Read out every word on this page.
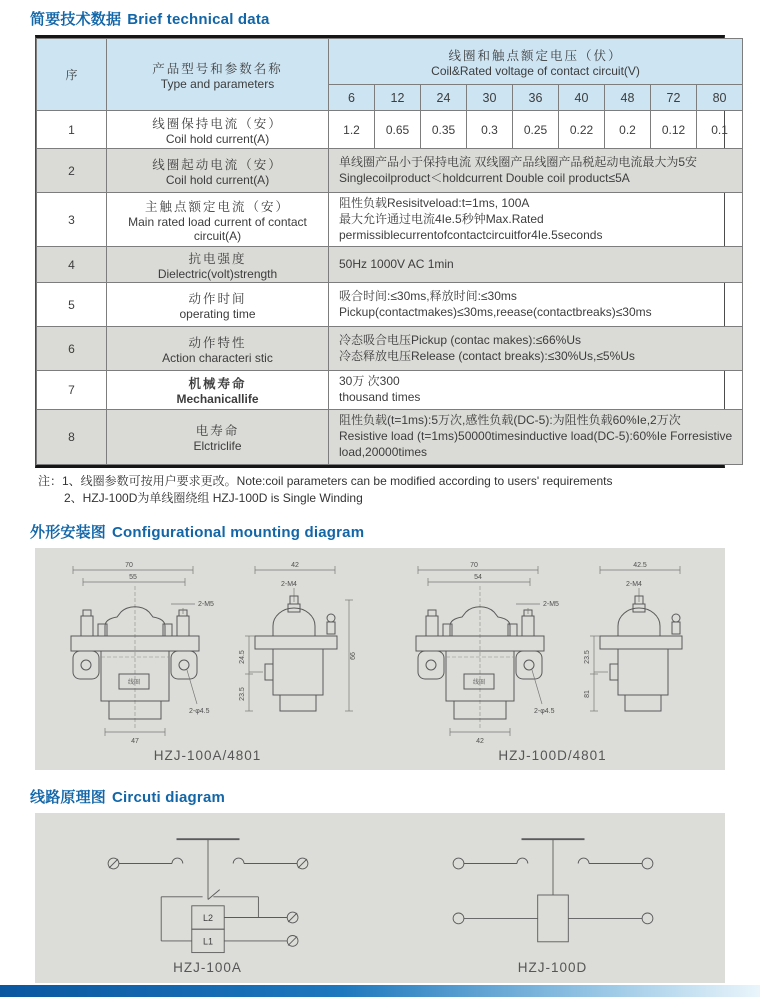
简要技术数据 Brief technical data
序	产品型号和参数名称
Type and parameters	线圈和触点额定电压（伏）
Coil&Rated voltage of contact circuit(V)								

		6	12	24	30	36	40	48	72	80
1	线圈保持电流（安）
Coil hold current(A)	1.2	0.65	0.35	0.3	0.25	0.22	0.2	0.12	0.1
2	线圈起动电流（安）
Coil hold current(A)	单线圈产品小于保持电流 双线圈产品线圈产品税起动电流最大为5安
Singlecoilproduct＜holdcurrent Double coil product≤5A								

3	主触点额定电流（安）
Main rated load current of contact circuit(A)	阻性负载Resisitveload:t=1ms, 100A
最大允许通过电流4Ie.5秒钟Max.Rated
permissiblecurrentofcontactcircuitfor4Ie.5seconds								

4	抗电强度
Dielectric(volt)strength	50Hz 1000V AC 1min								

5	动作时间
operating time	吸合时间:≤30ms,释放时间:≤30ms
Pickup(contactmakes)≤30ms,reease(contactbreaks)≤30ms								

6	动作特性
Action characteri stic	冷态吸合电压Pickup (contac makes):≤66%Us
冷态释放电压Release (contact breaks):≤30%Us,≤5%Us								

7	机械寿命
Mechanicallife	30万 次300
thousand times								

8	电寿命
Elctriclife	阻性负载(t=1ms):5万次,感性负载(DC-5):为阻性负载60%Ie,2万次
Resistive load (t=1ms)50000timesinductive load(DC-5):60%Ie Forresistive
load,20000times								
注：1、线圈参数可按用户要求更改。Note:coil parameters can be modified according to users' requirements
2、HZJ-100D为单线圈绕组 HZJ-100D is Single Winding
外形安装图 Configurational mounting diagram
70
55
2-M5
线圈
2-φ4.5
47
42
2-M4
24.5
23.5
66
HZJ-100A/4801
70
54
2-M5
线圈
2-φ4.5
42
42.5
2-M4
23.5
81
HZJ-100D/4801
线路原理图 Circuti diagram
L2
L1
HZJ-100A	HZJ-100D
